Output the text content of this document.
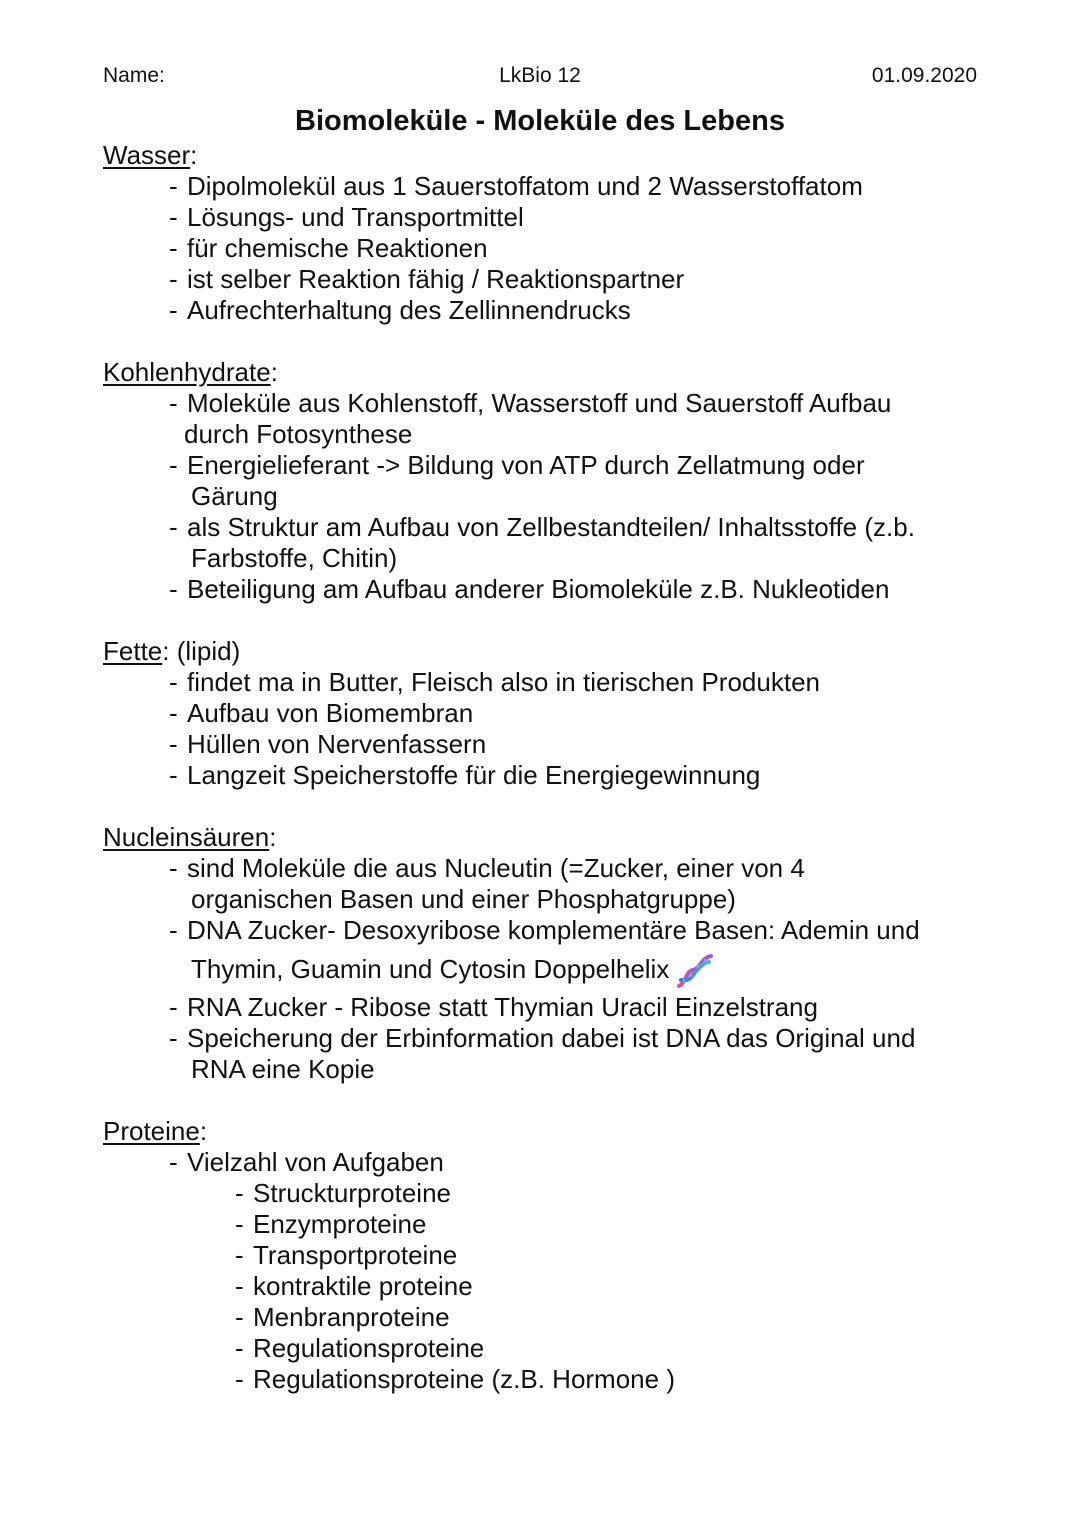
Name:	LkBio 12	01.09.2020
Biomoleküle - Moleküle des Lebens

Wasser:

- Dipolmolekül aus 1 Sauerstoffatom und 2 Wasserstoffatom
- Lösungs- und Transportmittel
- für chemische Reaktionen
- ist selber Reaktion fähig / Reaktionspartner
- Aufrechterhaltung des Zellinnendrucks

Kohlenhydrate:

- Moleküle aus Kohlenstoff, Wasserstoff und Sauerstoff Aufbau
durch Fotosynthese
- Energielieferant -> Bildung von ATP durch Zellatmung oder
Gärung
- als Struktur am Aufbau von Zellbestandteilen/ Inhaltsstoffe (z.b.
Farbstoffe, Chitin)
- Beteiligung am Aufbau anderer Biomoleküle z.B. Nukleotiden

Fette: (lipid)

- findet ma in Butter, Fleisch also in tierischen Produkten
- Aufbau von Biomembran
- Hüllen von Nervenfassern
- Langzeit Speicherstoffe für die Energiegewinnung

Nucleinsäuren:

- sind Moleküle die aus Nucleutin (=Zucker, einer von 4
organischen Basen und einer Phosphatgruppe)
- DNA Zucker- Desoxyribose komplementäre Basen: Ademin und
Thymin, Guamin und Cytosin Doppelhelix
- RNA Zucker - Ribose statt Thymian Uracil Einzelstrang
- Speicherung der Erbinformation dabei ist DNA das Original und
RNA eine Kopie

Proteine:

- Vielzahl von Aufgaben
- Struckturproteine
- Enzymproteine
- Transportproteine
- kontraktile proteine
- Menbranproteine
- Regulationsproteine
- Regulationsproteine (z.B. Hormone )
